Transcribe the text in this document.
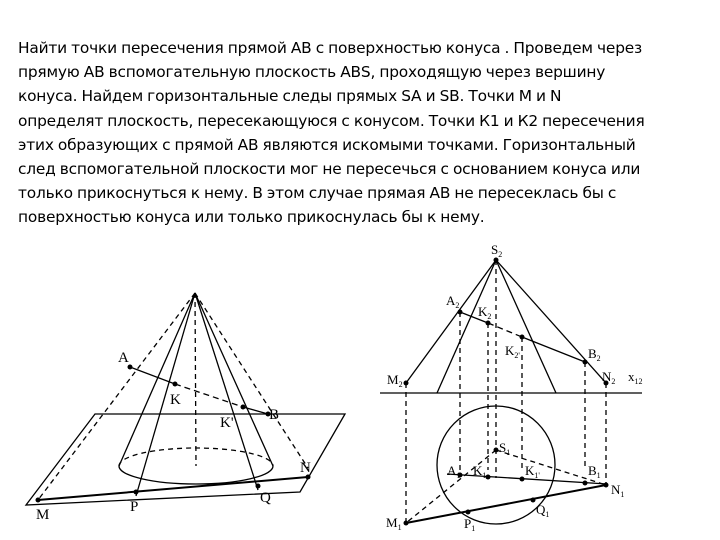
Найти точки пересечения прямой АВ с поверхностью конуса . Проведем через
прямую АВ вспомогательную плоскость АВS, проходящую через вершину
конуса. Найдем горизонтальные следы прямых SA и SB. Точки M и N
определят плоскость, пересекающуюся с конусом. Точки К1 и К2 пересечения
этих образующих с прямой АВ являются искомыми точками. Горизонтальный
след вспомогательной плоскости мог не пересечься с основанием конуса или
только прикоснуться к нему. В этом случае прямая АВ не пересеклась бы с
поверхностью конуса или только прикоснулась бы к нему.
A
K
K' B
N
Q
P
M
$S_2$
$A_2$ $K_2$
$K_{2'}$	$B_2$
$M_2$
$N_2$ $x_{12}$
$S_1$
$A_1$ $K_1$	$K_{1'}$	$B_1$
$N_1$
$M_1$	$P_1$
$Q_1$
